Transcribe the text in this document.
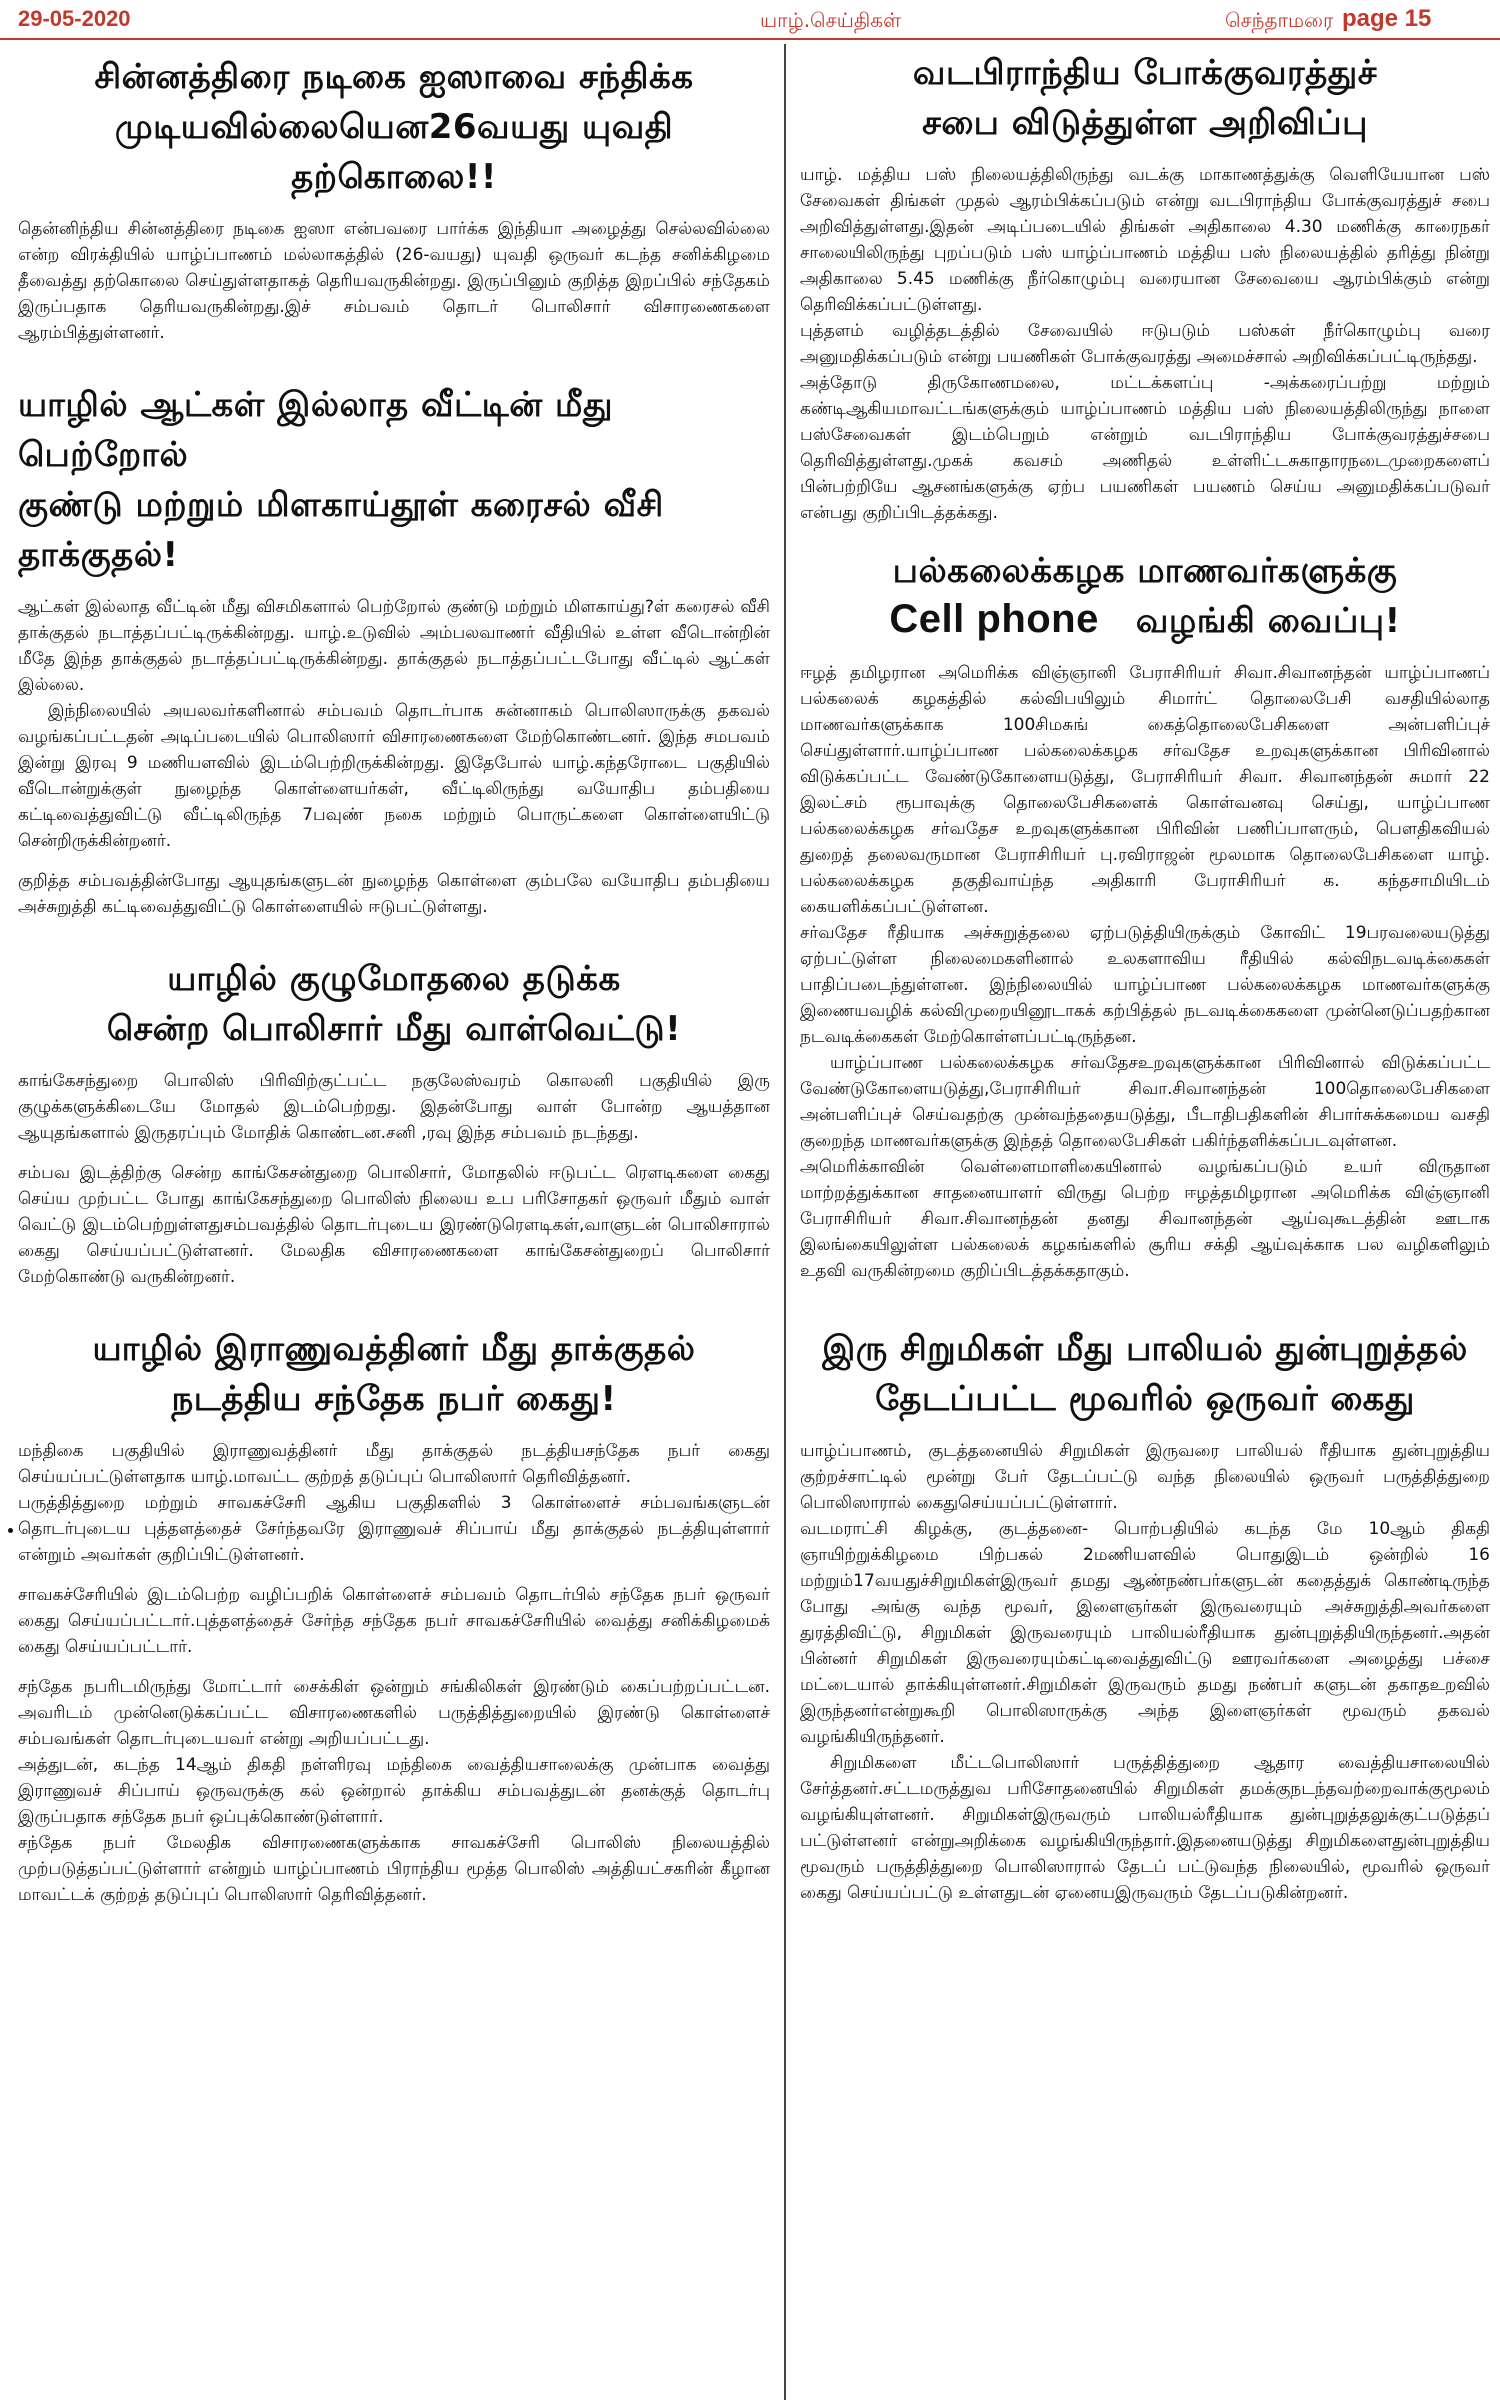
29-05-2020	யாழ்.செய்திகள்	செந்தாமரை page 15
சின்னத்திரை நடிகை ஐஸாவை சந்திக்க
முடியவில்லையென26வயது யுவதி தற்கொலை!!

தென்னிந்திய சின்னத்திரை நடிகை ஐஸா என்பவரை பார்க்க இந்தியா அழைத்து செல்லவில்லை என்ற விரக்தியில் யாழ்ப்பாணம் மல்லாகத்தில் (26-வயது) யுவதி ஒருவர் கடந்த சனிக்கிழமை தீவைத்து தற்கொலை செய்துள்ளதாகத் தெரியவருகின்றது. இருப்பினும் குறித்த இறப்பில் சந்தேகம் இருப்பதாக தெரியவருகின்றது.இச் சம்பவம் தொடர் பொலிசார் விசாரணைகளை ஆரம்பித்துள்ளனர்.

யாழில் ஆட்கள் இல்லாத வீட்டின் மீது பெற்றோல்
குண்டு மற்றும் மிளகாய்தூள் கரைசல் வீசி
தாக்குதல்!

ஆட்கள் இல்லாத வீட்டின் மீது விசமிகளால் பெற்றோல் குண்டு மற்றும் மிளகாய்து?ள் கரைசல் வீசி தாக்குதல் நடாத்தப்பட்டிருக்கின்றது. யாழ்.உடுவில் அம்பலவாணர் வீதியில் உள்ள வீடொன்றின் மீதே இந்த தாக்குதல் நடாத்தப்பட்டிருக்கின்றது. தாக்குதல் நடாத்தப்பட்டபோது வீட்டில் ஆட்கள் இல்லை.

இந்நிலையில் அயலவர்களினால் சம்பவம் தொடர்பாக சுன்னாகம் பொலிஸாருக்கு தகவல் வழங்கப்பட்டதன் அடிப்படையில் பொலிஸார் விசாரணைகளை மேற்கொண்டனர். இந்த சமபவம் இன்று இரவு 9 மணியளவில் இடம்பெற்றிருக்கின்றது. இதேபோல் யாழ்.கந்தரோடை பகுதியில் வீடொன்றுக்குள் நுழைந்த கொள்ளையர்கள், வீட்டிலிருந்து வயோதிப தம்பதியை கட்டிவைத்துவிட்டு வீட்டிலிருந்த 7பவுண் நகை மற்றும் பொருட்களை கொள்ளையிட்டு சென்றிருக்கின்றனர்.

குறித்த சம்பவத்தின்போது ஆயுதங்களுடன் நுழைந்த கொள்ளை கும்பலே வயோதிப தம்பதியை அச்சுறுத்தி கட்டிவைத்துவிட்டு கொள்ளையில் ஈடுபட்டுள்ளது.

யாழில் குழுமோதலை தடுக்க
சென்ற பொலிசார் மீது வாள்வெட்டு!

காங்கேசந்துறை பொலிஸ் பிரிவிற்குட்பட்ட நகுலேஸ்வரம் கொலனி பகுதியில் இரு குழுக்களுக்கிடையே மோதல் இடம்பெற்றது. இதன்போது வாள் போன்ற ஆயத்தான ஆயுதங்களால் இருதரப்பும் மோதிக் கொண்டன.சனி ,ரவு இந்த சம்பவம் நடந்தது.

சம்பவ இடத்திற்கு சென்ற காங்கேசன்துறை பொலிசார், மோதலில் ஈடுபட்ட ரௌடிகளை கைது செய்ய முற்பட்ட போது காங்கேசந்துறை பொலிஸ் நிலைய உப பரிசோதகர் ஒருவர் மீதும் வாள் வெட்டு இடம்பெற்றுள்ளதுசம்பவத்தில் தொடர்புடைய இரண்டுரௌடிகள்,வாளுடன் பொலிசாரால் கைது செய்யப்பட்டுள்ளனர். மேலதிக விசாரணைகளை காங்கேசன்துறைப் பொலிசார் மேற்கொண்டு வருகின்றனர்.

யாழில் இராணுவத்தினர் மீது தாக்குதல்
நடத்திய சந்தேக நபர் கைது!

மந்திகை பகுதியில் இராணுவத்தினர் மீது தாக்குதல் நடத்தியசந்தேக நபர் கைது செய்யப்பட்டுள்ளதாக யாழ்.மாவட்ட குற்றத் தடுப்புப் பொலிஸார் தெரிவித்தனர்.

பருத்தித்துறை மற்றும் சாவகச்சேரி ஆகிய பகுதிகளில் 3 கொள்ளைச் சம்பவங்களுடன் தொடர்புடைய புத்தளத்தைச் சேர்ந்தவரே இராணுவச் சிப்பாய் மீது தாக்குதல் நடத்தியுள்ளார் என்றும் அவர்கள் குறிப்பிட்டுள்ளனர்.

சாவகச்சேரியில் இடம்பெற்ற வழிப்பறிக் கொள்ளைச் சம்பவம் தொடர்பில் சந்தேக நபர் ஒருவர் கைது செய்யப்பட்டார்.புத்தளத்தைச் சேர்ந்த சந்தேக நபர் சாவகச்சேரியில் வைத்து சனிக்கிழமைக் கைது செய்யப்பட்டார்.

சந்தேக நபரிடமிருந்து மோட்டார் சைக்கிள் ஒன்றும் சங்கிலிகள் இரண்டும் கைப்பற்றப்பட்டன. அவரிடம் முன்னெடுக்கப்பட்ட விசாரணைகளில் பருத்தித்துறையில் இரண்டு கொள்ளைச் சம்பவங்கள் தொடர்புடையவர் என்று அறியப்பட்டது.

அத்துடன், கடந்த 14ஆம் திகதி நள்ளிரவு மந்திகை வைத்தியசாலைக்கு முன்பாக வைத்து இராணுவச் சிப்பாய் ஒருவருக்கு கல் ஒன்றால் தாக்கிய சம்பவத்துடன் தனக்குத் தொடர்பு இருப்பதாக சந்தேக நபர் ஒப்புக்கொண்டுள்ளார்.

சந்தேக நபர் மேலதிக விசாரணைகளுக்காக சாவகச்சேரி பொலிஸ் நிலையத்தில் முற்படுத்தப்பட்டுள்ளார் என்றும் யாழ்ப்பாணம் பிராந்திய மூத்த பொலிஸ் அத்தியட்சகரின் கீழான மாவட்டக் குற்றத் தடுப்புப் பொலிஸார் தெரிவித்தனர்.

வடபிராந்திய போக்குவரத்துச்
சபை விடுத்துள்ள அறிவிப்பு

யாழ். மத்திய பஸ் நிலையத்திலிருந்து வடக்கு மாகாணத்துக்கு வெளியேயான பஸ் சேவைகள் திங்கள் முதல் ஆரம்பிக்கப்படும் என்று வடபிராந்திய போக்குவரத்துச் சபை அறிவித்துள்ளது.இதன் அடிப்படையில் திங்கள் அதிகாலை 4.30 மணிக்கு காரைநகர் சாலையிலிருந்து புறப்படும் பஸ் யாழ்ப்பாணம் மத்திய பஸ் நிலையத்தில் தரித்து நின்று அதிகாலை 5.45 மணிக்கு நீர்கொழும்பு வரையான சேவையை ஆரம்பிக்கும் என்று தெரிவிக்கப்பட்டுள்ளது.

புத்தளம் வழித்தடத்தில் சேவையில் ஈடுபடும் பஸ்கள் நீர்கொழும்பு வரை அனுமதிக்கப்படும் என்று பயணிகள் போக்குவரத்து அமைச்சால் அறிவிக்கப்பட்டிருந்தது.

அத்தோடு திருகோணமலை, மட்டக்களப்பு -அக்கரைப்பற்று மற்றும் கண்டிஆகியமாவட்டங்களுக்கும் யாழ்ப்பாணம் மத்திய பஸ் நிலையத்திலிருந்து நாளை பஸ்சேவைகள் இடம்பெறும் என்றும் வடபிராந்திய போக்குவரத்துச்சபை தெரிவித்துள்ளது.முகக் கவசம் அணிதல் உள்ளிட்டசுகாதாரநடைமுறைகளைப் பின்பற்றியே ஆசனங்களுக்கு ஏற்ப பயணிகள் பயணம் செய்ய அனுமதிக்கப்படுவர் என்பது குறிப்பிடத்தக்கது.

பல்கலைக்கழக மாணவர்களுக்கு
Cell phone வழங்கி வைப்பு!

ஈழத் தமிழரான அமெரிக்க விஞ்ஞானி பேராசிரியர் சிவா.சிவானந்தன் யாழ்ப்பாணப் பல்கலைக் கழகத்தில் கல்விபயிலும் சிமார்ட் தொலைபேசி வசதியில்லாத மாணவர்களுக்காக 100சிமசுங் கைத்தொலைபேசிகளை அன்பளிப்புச் செய்துள்ளார்.யாழ்ப்பாண பல்கலைக்கழக சர்வதேச உறவுகளுக்கான பிரிவினால் விடுக்கப்பட்ட வேண்டுகோளையடுத்து, பேராசிரியர் சிவா. சிவானந்தன் சுமார் 22 இலட்சம் ரூபாவுக்கு தொலைபேசிகளைக் கொள்வனவு செய்து, யாழ்ப்பாண பல்கலைக்கழக சர்வதேச உறவுகளுக்கான பிரிவின் பணிப்பாளரும், பௌதிகவியல் துறைத் தலைவருமான பேராசிரியர் பு.ரவிராஜன் மூலமாக தொலைபேசிகளை யாழ். பல்கலைக்கழக தகுதிவாய்ந்த அதிகாரி பேராசிரியர் க. கந்தசாமியிடம் கையளிக்கப்பட்டுள்ளன.

சர்வதேச ரீதியாக அச்சுறுத்தலை ஏற்படுத்தியிருக்கும் கோவிட் 19பரவலையடுத்து ஏற்பட்டுள்ள நிலைமைகளினால் உலகளாவிய ரீதியில் கல்விநடவடிக்கைகள் பாதிப்படைந்துள்ளன. இந்நிலையில் யாழ்ப்பாண பல்கலைக்கழக மாணவர்களுக்கு இணையவழிக் கல்விமுறையினூடாகக் கற்பித்தல் நடவடிக்கைகளை முன்னெடுப்பதற்கான நடவடிக்கைகள் மேற்கொள்ளப்பட்டிருந்தன.

யாழ்ப்பாண பல்கலைக்கழக சர்வதேசஉறவுகளுக்கான பிரிவினால் விடுக்கப்பட்ட வேண்டுகோளையடுத்து,பேராசிரியர் சிவா.சிவானந்தன் 100தொலைபேசிகளை அன்பளிப்புச் செய்வதற்கு முன்வந்ததையடுத்து, பீடாதிபதிகளின் சிபார்சுக்கமைய வசதி குறைந்த மாணவர்களுக்கு இந்தத் தொலைபேசிகள் பகிர்ந்தளிக்கப்படவுள்ளன.

அமெரிக்காவின் வெள்ளைமாளிகையினால் வழங்கப்படும் உயர் விருதான மாற்றத்துக்கான சாதனையாளர் விருது பெற்ற ஈழத்தமிழரான அமெரிக்க விஞ்ஞானி பேராசிரியர் சிவா.சிவானந்தன் தனது சிவானந்தன் ஆய்வுகூடத்தின் ஊடாக இலங்கையிலுள்ள பல்கலைக் கழகங்களில் சூரிய சக்தி ஆய்வுக்காக பல வழிகளிலும் உதவி வருகின்றமை குறிப்பிடத்தக்கதாகும்.

இரு சிறுமிகள் மீது பாலியல் துன்புறுத்தல்
தேடப்பட்ட மூவரில் ஒருவர் கைது

யாழ்ப்பாணம், குடத்தனையில் சிறுமிகள் இருவரை பாலியல் ரீதியாக துன்புறுத்திய குற்றச்சாட்டில் மூன்று பேர் தேடப்பட்டு வந்த நிலையில் ஒருவர் பருத்தித்துறை பொலிஸாரால் கைதுசெய்யப்பட்டுள்ளார்.

வடமராட்சி கிழக்கு, குடத்தனை- பொற்பதியில் கடந்த மே 10ஆம் திகதி ஞாயிற்றுக்கிழமை பிற்பகல் 2மணியளவில் பொதுஇடம் ஒன்றில் 16 மற்றும்17வயதுச்சிறுமிகள்இருவர் தமது ஆண்நண்பர்களுடன் கதைத்துக் கொண்டிருந்த போது அங்கு வந்த மூவர், இளைஞர்கள் இருவரையும் அச்சுறுத்திஅவர்களை துரத்திவிட்டு, சிறுமிகள் இருவரையும் பாலியல்ரீதியாக துன்புறுத்தியிருந்தனர்.அதன் பின்னர் சிறுமிகள் இருவரையும்கட்டிவைத்துவிட்டு ஊரவர்களை அழைத்து பச்சை மட்டையால் தாக்கியுள்ளனர்.சிறுமிகள் இருவரும் தமது நண்பர் களுடன் தகாதஉறவில் இருந்தனர்என்றுகூறி பொலிஸாருக்கு அந்த இளைஞர்கள் மூவரும் தகவல் வழங்கியிருந்தனர்.

சிறுமிகளை மீட்டபொலிஸார் பருத்தித்துறை ஆதார வைத்தியசாலையில் சேர்த்தனர்.சட்டமருத்துவ பரிசோதனையில் சிறுமிகள் தமக்குநடந்தவற்றைவாக்குமூலம் வழங்கியுள்ளனர். சிறுமிகள்இருவரும் பாலியல்ரீதியாக துன்புறுத்தலுக்குட்படுத்தப் பட்டுள்ளனர் என்றுஅறிக்கை வழங்கியிருந்தார்.இதனையடுத்து சிறுமிகளைதுன்புறுத்திய மூவரும் பருத்தித்துறை பொலிஸாரால் தேடப் பட்டுவந்த நிலையில், மூவரில் ஒருவர் கைது செய்யப்பட்டு உள்ளதுடன் ஏனையஇருவரும் தேடப்படுகின்றனர்.
